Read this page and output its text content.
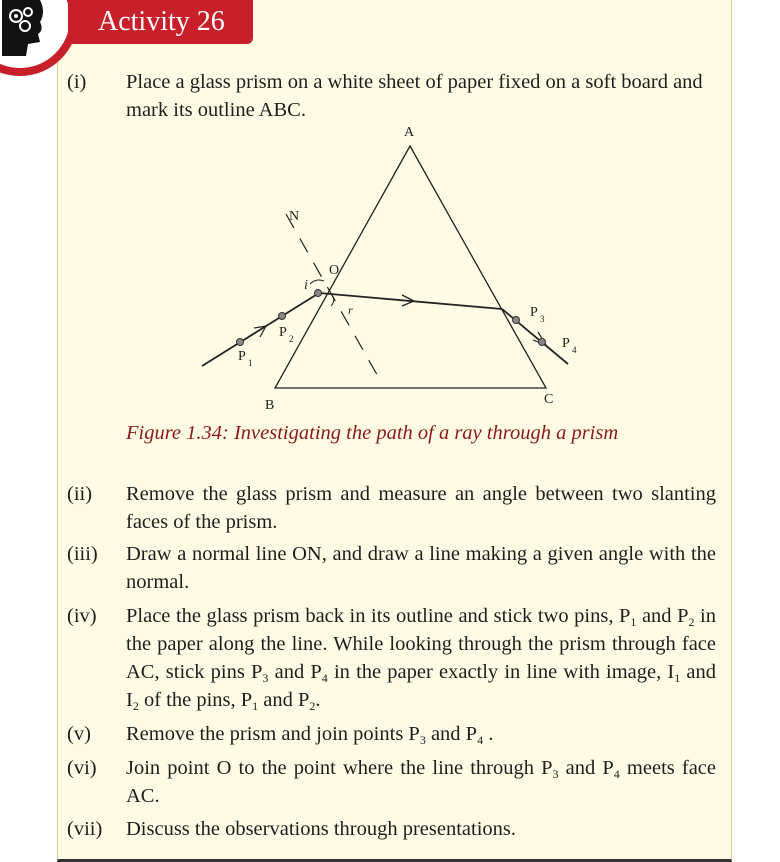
Activity 26
(i) Place a glass prism on a white sheet of paper fixed on a soft board and mark its outline ABC.
A
B	C
N
O
i
r
P 1
P 2
P 3
P 4
Figure 1.34: Investigating the path of a ray through a prism
(ii) Remove the glass prism and measure an angle between two slanting faces of the prism.
(iii) Draw a normal line ON, and draw a line making a given angle with the normal.
(iv) Place the glass prism back in its outline and stick two pins, $P_1$ and $P_2$ in the paper along the line. While looking through the prism through face AC, stick pins $P_3$ and $P_4$ in the paper exactly in line with image, $I_1$ and $I_2$ of the pins, $P_1$ and $P_2$.
(v) Remove the prism and join points $P_3$ and $P_4$ .
(vi) Join point O to the point where the line through $P_3$ and $P_4$ meets face AC.
(vii) Discuss the observations through presentations.
